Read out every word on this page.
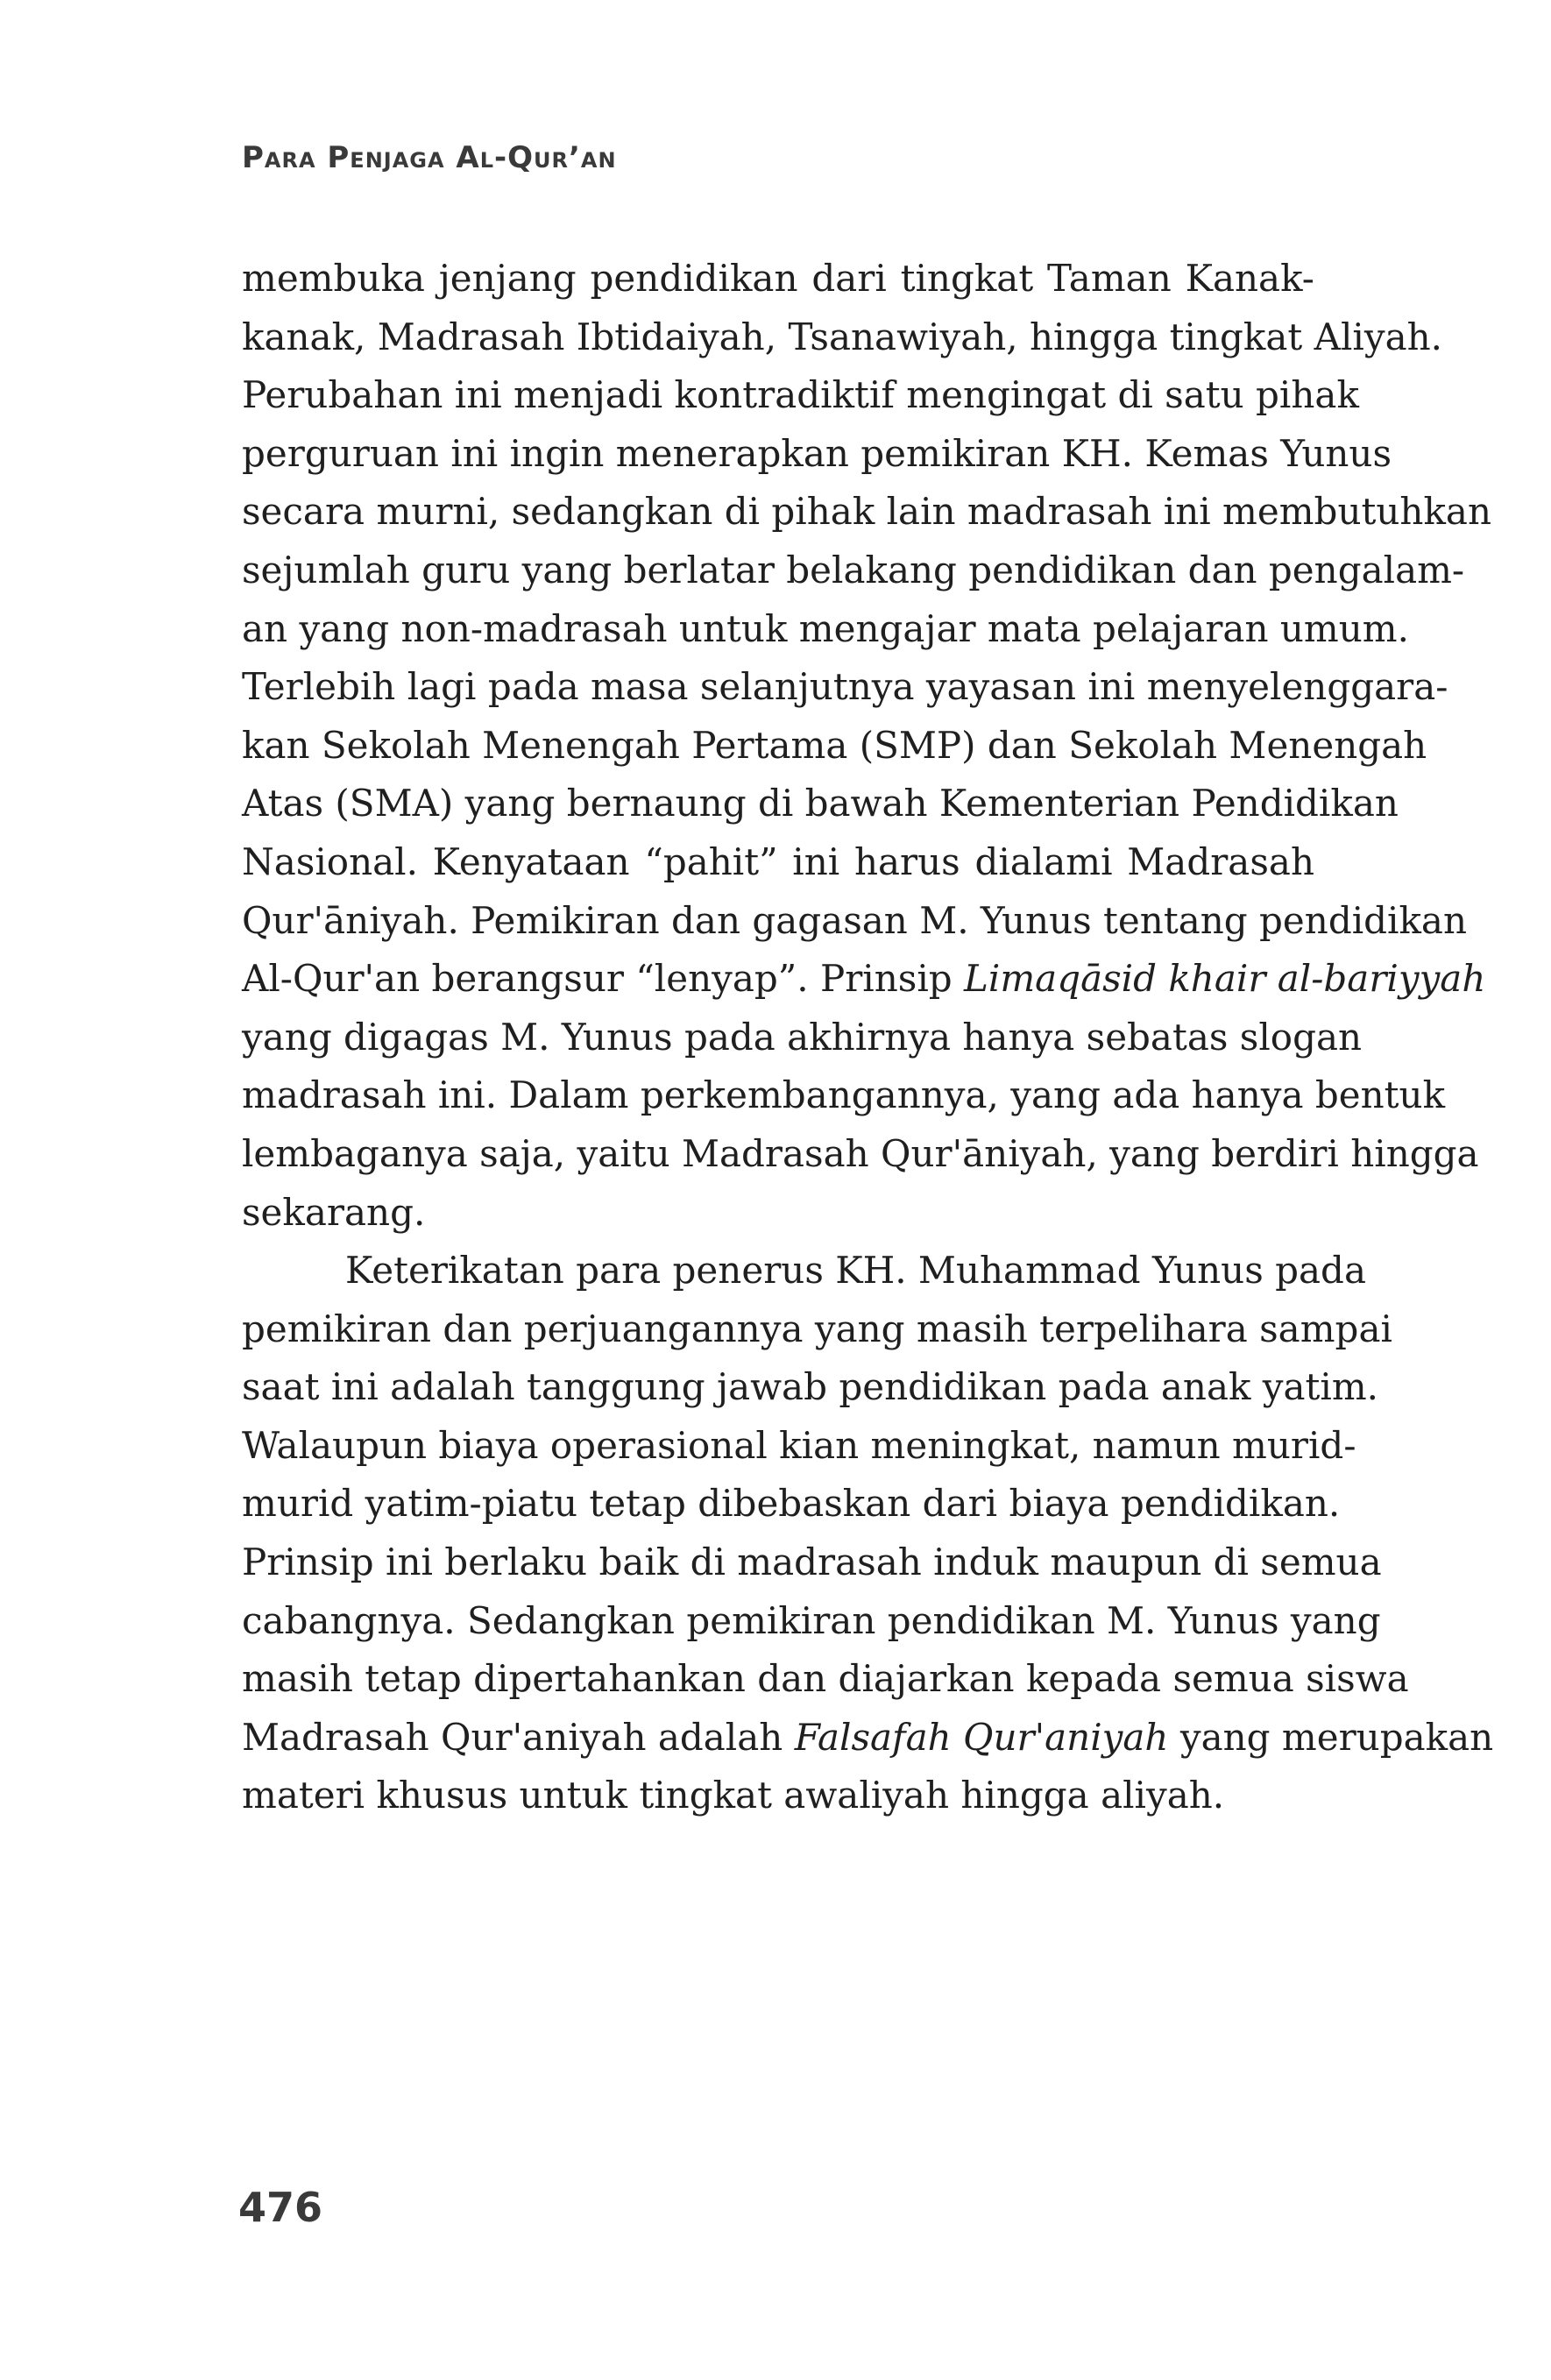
Para Penjaga Al-Qur’an
membuka jenjang pendidikan dari tingkat Taman Kanak-
kanak, Madrasah Ibtidaiyah, Tsanawiyah, hingga tingkat Aliyah.
Perubahan ini menjadi kontradiktif mengingat di satu pihak
perguruan ini ingin menerapkan pemikiran KH. Kemas Yunus
secara murni, sedangkan di pihak lain madrasah ini membutuhkan
sejumlah guru yang berlatar belakang pendidikan dan pengalam-
an yang non-madrasah untuk mengajar mata pelajaran umum.
Terlebih lagi pada masa selanjutnya yayasan ini menyelenggara-
kan Sekolah Menengah Pertama (SMP) dan Sekolah Menengah
Atas (SMA) yang bernaung di bawah Kementerian Pendidikan
Nasional. Kenyataan “pahit” ini harus dialami Madrasah
Qur'āniyah. Pemikiran dan gagasan M. Yunus tentang pendidikan
Al-Qur'an berangsur “lenyap”. Prinsip Limaqāsid khair al-bariyyah
yang digagas M. Yunus pada akhirnya hanya sebatas slogan
madrasah ini. Dalam perkembangannya, yang ada hanya bentuk
lembaganya saja, yaitu Madrasah Qur'āniyah, yang berdiri hingga
sekarang.
Keterikatan para penerus KH. Muhammad Yunus pada
pemikiran dan perjuangannya yang masih terpelihara sampai
saat ini adalah tanggung jawab pendidikan pada anak yatim.
Walaupun biaya operasional kian meningkat, namun murid-
murid yatim-piatu tetap dibebaskan dari biaya pendidikan.
Prinsip ini berlaku baik di madrasah induk maupun di semua
cabangnya. Sedangkan pemikiran pendidikan M. Yunus yang
masih tetap dipertahankan dan diajarkan kepada semua siswa
Madrasah Qur'aniyah adalah Falsafah Qur'aniyah yang merupakan
materi khusus untuk tingkat awaliyah hingga aliyah.
476
